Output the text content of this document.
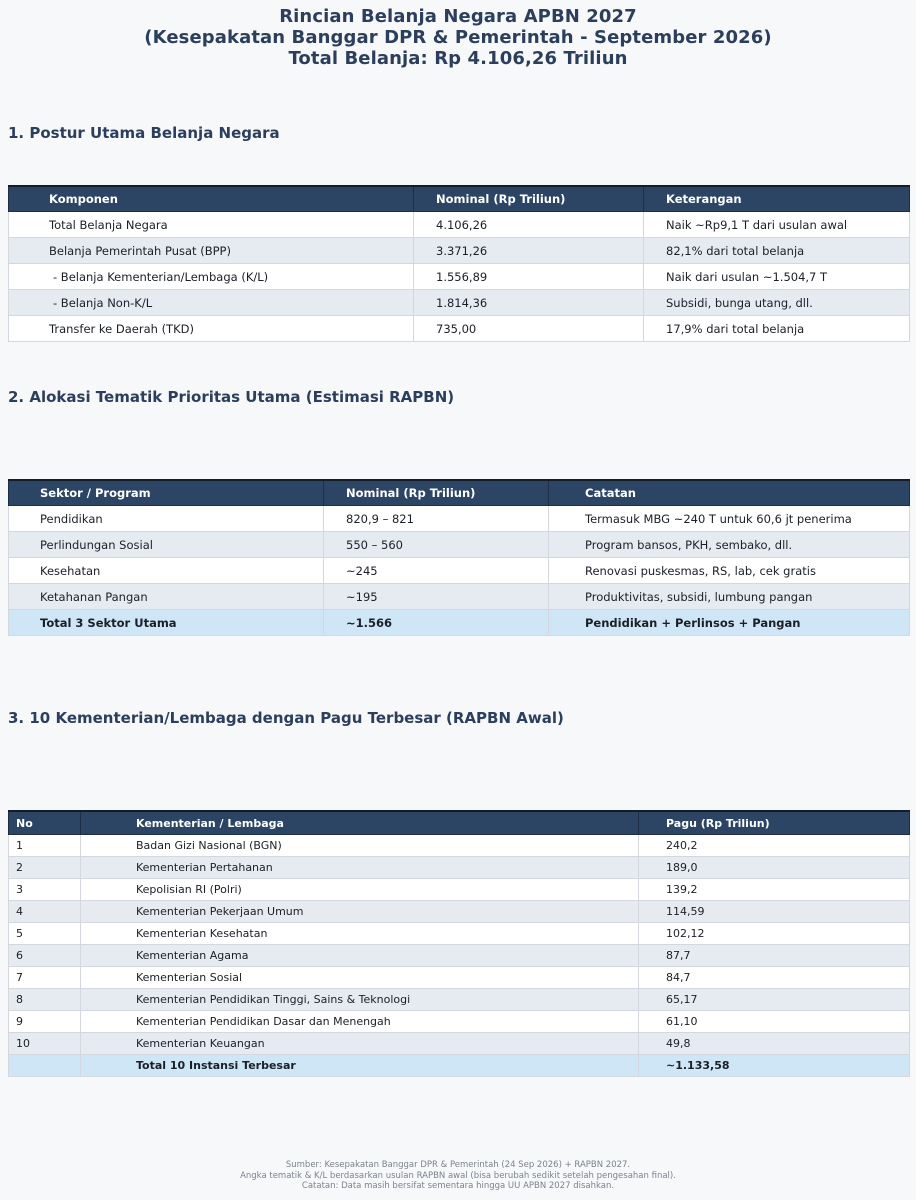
Rincian Belanja Negara APBN 2027
(Kesepakatan Banggar DPR & Pemerintah - September 2026)
Total Belanja: Rp 4.106,26 Triliun
1. Postur Utama Belanja Negara
Komponen	Nominal (Rp Triliun)	Keterangan
Total Belanja Negara	4.106,26	Naik ~Rp9,1 T dari usulan awal
Belanja Pemerintah Pusat (BPP)	3.371,26	82,1% dari total belanja
- Belanja Kementerian/Lembaga (K/L)	1.556,89	Naik dari usulan ~1.504,7 T
- Belanja Non-K/L	1.814,36	Subsidi, bunga utang, dll.
Transfer ke Daerah (TKD)	735,00	17,9% dari total belanja
2. Alokasi Tematik Prioritas Utama (Estimasi RAPBN)
Sektor / Program	Nominal (Rp Triliun)	Catatan
Pendidikan	820,9 – 821	Termasuk MBG ~240 T untuk 60,6 jt penerima
Perlindungan Sosial	550 – 560	Program bansos, PKH, sembako, dll.
Kesehatan	~245	Renovasi puskesmas, RS, lab, cek gratis
Ketahanan Pangan	~195	Produktivitas, subsidi, lumbung pangan
Total 3 Sektor Utama	~1.566	Pendidikan + Perlinsos + Pangan
3. 10 Kementerian/Lembaga dengan Pagu Terbesar (RAPBN Awal)
No	Kementerian / Lembaga	Pagu (Rp Triliun)
1	Badan Gizi Nasional (BGN)	240,2
2	Kementerian Pertahanan	189,0
3	Kepolisian RI (Polri)	139,2
4	Kementerian Pekerjaan Umum	114,59
5	Kementerian Kesehatan	102,12
6	Kementerian Agama	87,7
7	Kementerian Sosial	84,7
8	Kementerian Pendidikan Tinggi, Sains & Teknologi	65,17
9	Kementerian Pendidikan Dasar dan Menengah	61,10
10	Kementerian Keuangan	49,8
	Total 10 Instansi Terbesar	~1.133,58
Sumber: Kesepakatan Banggar DPR & Pemerintah (24 Sep 2026) + RAPBN 2027.
Angka tematik & K/L berdasarkan usulan RAPBN awal (bisa berubah sedikit setelah pengesahan final).
Catatan: Data masih bersifat sementara hingga UU APBN 2027 disahkan.
